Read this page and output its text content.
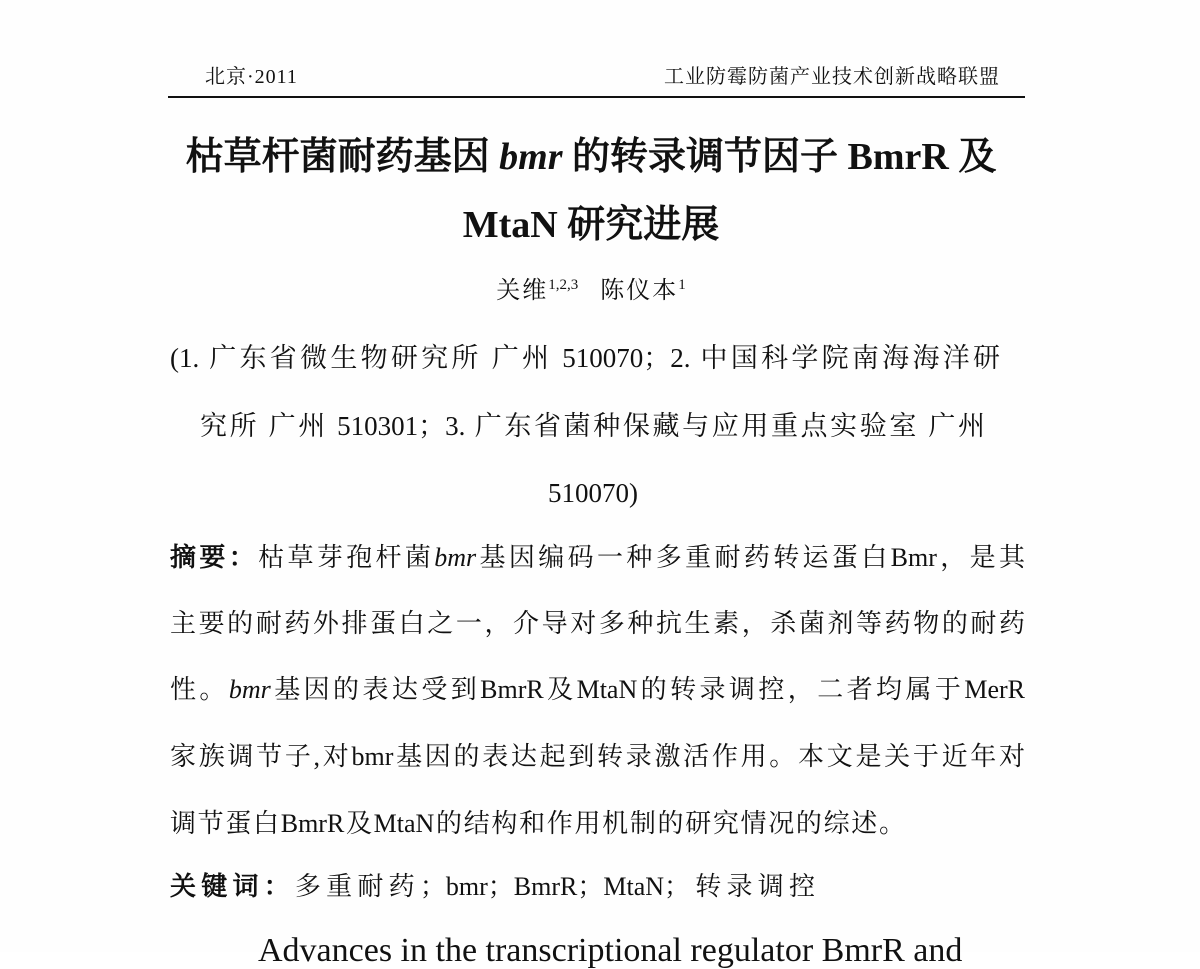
北京·2011	工业防霉防菌产业技术创新战略联盟
枯草杆菌耐药基因 bmr 的转录调节因子 BmrR 及
MtaN 研究进展
关维$^{1,2,3}$ 陈仪本$^1$
(1. 广东省微生物研究所 广州 510070；2. 中国科学院南海海洋研
究所 广州 510301；3. 广东省菌种保藏与应用重点实验室 广州
510070)
摘要：枯草芽孢杆菌bmr基因编码一种多重耐药转运蛋白Bmr，是其
主要的耐药外排蛋白之一，介导对多种抗生素，杀菌剂等药物的耐药
性。bmr基因的表达受到BmrR及MtaN的转录调控，二者均属于MerR
家族调节子,对bmr基因的表达起到转录激活作用。本文是关于近年对
调节蛋白BmrR及MtaN的结构和作用机制的研究情况的综述。
关键词：多重耐药；bmr；BmrR；MtaN；转录调控
Advances in the transcriptional regulator BmrR and
